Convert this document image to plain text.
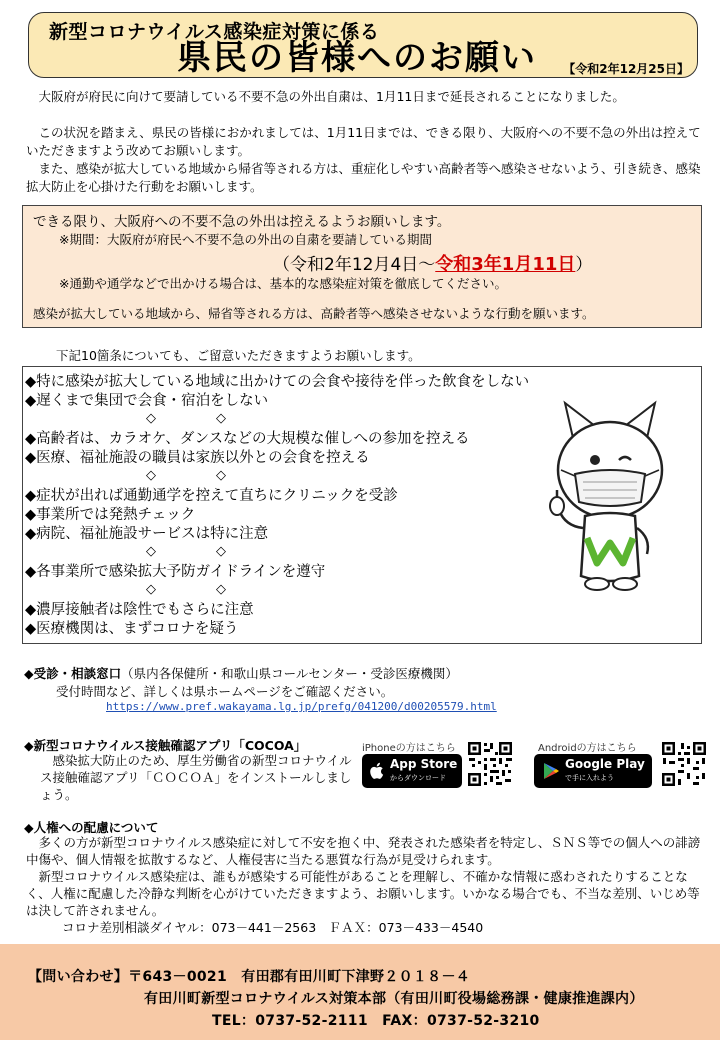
新型コロナウイルス感染症対策に係る
県民の皆様へのお願い 【令和2年12月25日】
　大阪府が府民に向けて要請している不要不急の外出自粛は、1月11日まで延長されることになりました。
　この状況を踏まえ、県民の皆様におかれましては、1月11日までは、できる限り、大阪府への不要不急の外出は控えていただきますよう改めてお願いします。
　また、感染が拡大している地域から帰省等される方は、重症化しやすい高齢者等へ感染させないよう、引き続き、感染拡大防止を心掛けた行動をお願いします。
できる限り、大阪府への不要不急の外出は控えるようお願いします。
※期間：大阪府が府民へ不要不急の外出の自粛を要請している期間
（令和2年12月4日～令和3年1月11日）
※通勤や通学などで出かける場合は、基本的な感染症対策を徹底してください。
感染が拡大している地域から、帰省等される方は、高齢者等へ感染させないような行動を願います。
下記10箇条についても、ご留意いただきますようお願いします。
◆特に感染が拡大している地域に出かけての会食や接待を伴った飲食をしない
◆遅くまで集団で会食・宿泊をしない
◇	◇
◆高齢者は、カラオケ、ダンスなどの大規模な催しへの参加を控える
◆医療、福祉施設の職員は家族以外との会食を控える
◇	◇
◆症状が出れば通勤通学を控えて直ちにクリニックを受診
◆事業所では発熱チェック
◆病院、福祉施設サービスは特に注意
◇	◇
◆各事業所で感染拡大予防ガイドラインを遵守
◇	◇
◆濃厚接触者は陰性でもさらに注意
◆医療機関は、まずコロナを疑う
◆受診・相談窓口（県内各保健所・和歌山県コールセンター・受診医療機関）
受付時間など、詳しくは県ホームページをご確認ください。
https://www.pref.wakayama.lg.jp/prefg/041200/d00205579.html
◆新型コロナウイルス接触確認アプリ「COCOA」
　感染拡大防止のため、厚生労働省の新型コロナウイルス接触確認アプリ「ＣＯＣＯＡ」をインストールしましょう。
iPhoneの方はこちら
App Store
からダウンロード
Androidの方はこちら
Google Play
で手に入れよう
◆人権への配慮について
　多くの方が新型コロナウイルス感染症に対して不安を抱く中、発表された感染者を特定し、ＳＮＳ等での個人への誹謗中傷や、個人情報を拡散するなど、人権侵害に当たる悪質な行為が見受けられます。
　新型コロナウイルス感染症は、誰もが感染する可能性があることを理解し、不確かな情報に惑わされたりすることなく、人権に配慮した冷静な判断を心がけていただきますよう、お願いします。いかなる場合でも、不当な差別、いじめ等は決して許されません。
コロナ差別相談ダイヤル：073－441－2563　ＦＡＸ：073－433－4540
【問い合わせ】〒643－0021　有田郡有田川町下津野２０１８－４
有田川町新型コロナウイルス対策本部（有田川町役場総務課・健康推進課内）
TEL：0737-52-2111　FAX：0737-52-3210
